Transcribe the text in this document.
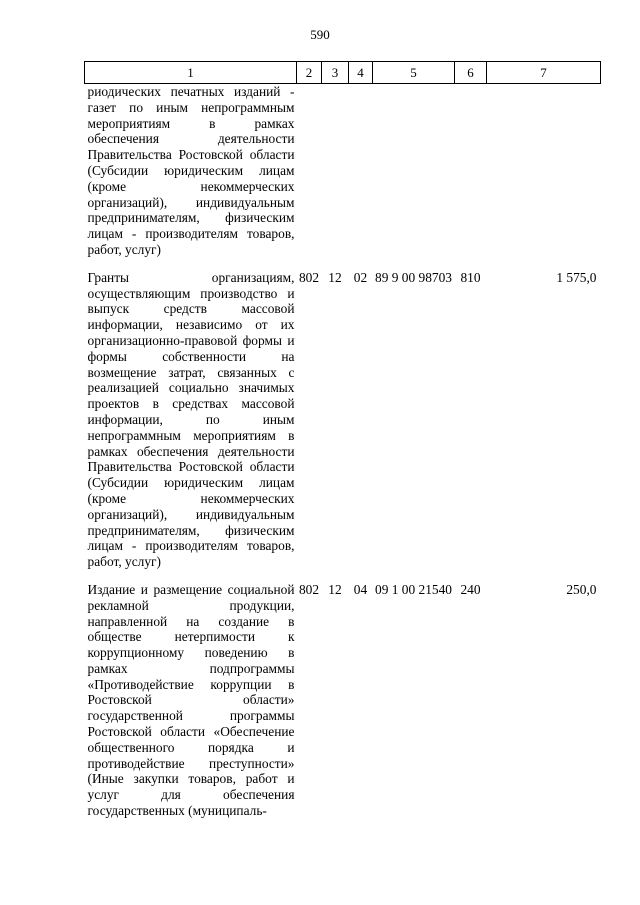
590
1	2	3	4	5	6	7
риодических печатных изданий - газет по иным непрограммным мероприятиям в рамках обеспечения деятельности Правительства Ростовской области (Субсидии юридическим лицам (кроме некоммерческих организаций), индивидуальным предпринимателям, физическим лицам - производителям товаров, работ, услуг)						
Гранты организациям, осуществляющим производство и выпуск средств массовой информации, независимо от их организационно-правовой формы и формы собственности на возмещение затрат, связанных с реализацией социально значимых проектов в средствах массовой информации, по иным непрограммным мероприятиям в рамках обеспечения деятельности Правительства Ростовской области (Субсидии юридическим лицам (кроме некоммерческих организаций), индивидуальным предпринимателям, физическим лицам - производителям товаров, работ, услуг)	802	12	02	89 9 00 98703	810	1 575,0
Издание и размещение социальной рекламной продукции, направленной на создание в обществе нетерпимости к коррупционному поведению в рамках подпрограммы «Противодействие коррупции в Ростовской области» государственной программы Ростовской области «Обеспечение общественного порядка и противодействие преступности» (Иные закупки товаров, работ и услуг для обеспечения государственных (муниципаль-	802	12	04	09 1 00 21540	240	250,0
